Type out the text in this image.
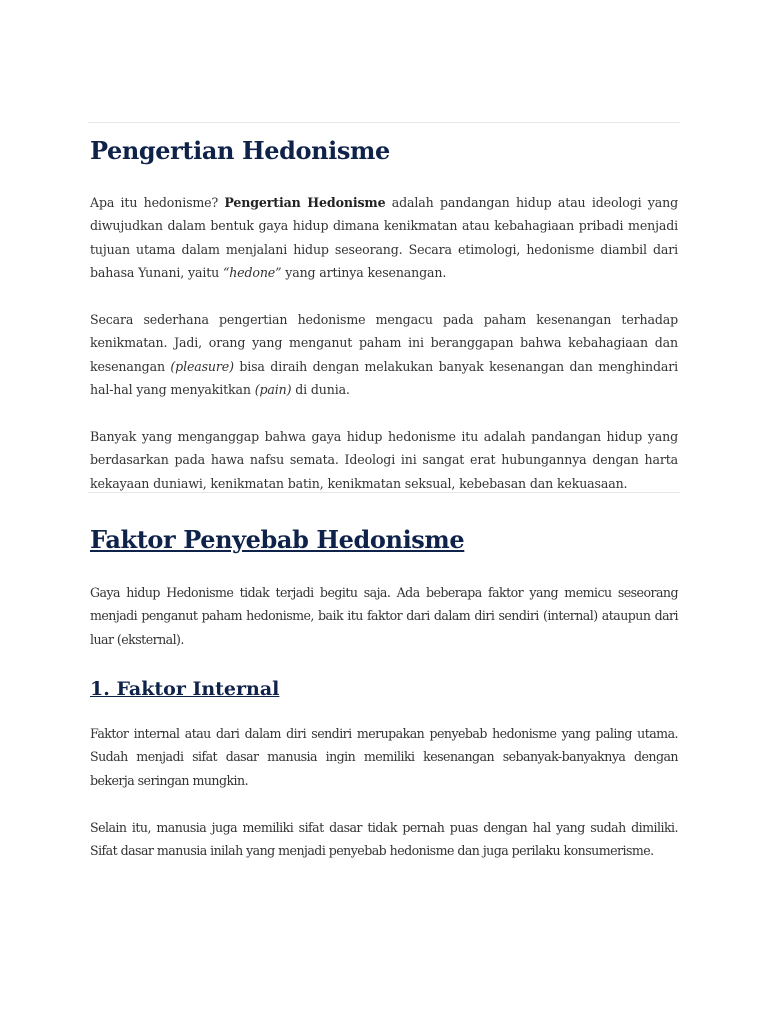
Pengertian Hedonisme

Apa itu hedonisme? Pengertian Hedonisme adalah pandangan hidup atau ideologi yang diwujudkan dalam bentuk gaya hidup dimana kenikmatan atau kebahagiaan pribadi menjadi tujuan utama dalam menjalani hidup seseorang. Secara etimologi, hedonisme diambil dari bahasa Yunani, yaitu “hedone” yang artinya kesenangan.

Secara sederhana pengertian hedonisme mengacu pada paham kesenangan terhadap kenikmatan. Jadi, orang yang menganut paham ini beranggapan bahwa kebahagiaan dan kesenangan (pleasure) bisa diraih dengan melakukan banyak kesenangan dan menghindari hal-hal yang menyakitkan (pain) di dunia.

Banyak yang menganggap bahwa gaya hidup hedonisme itu adalah pandangan hidup yang berdasarkan pada hawa nafsu semata. Ideologi ini sangat erat hubungannya dengan harta kekayaan duniawi, kenikmatan batin, kenikmatan seksual, kebebasan dan kekuasaan.

Faktor Penyebab Hedonisme

Gaya hidup Hedonisme tidak terjadi begitu saja. Ada beberapa faktor yang memicu seseorang menjadi penganut paham hedonisme, baik itu faktor dari dalam diri sendiri (internal) ataupun dari luar (eksternal).

1. Faktor Internal

Faktor internal atau dari dalam diri sendiri merupakan penyebab hedonisme yang paling utama. Sudah menjadi sifat dasar manusia ingin memiliki kesenangan sebanyak-banyaknya dengan bekerja seringan mungkin.

Selain itu, manusia juga memiliki sifat dasar tidak pernah puas dengan hal yang sudah dimiliki. Sifat dasar manusia inilah yang menjadi penyebab hedonisme dan juga perilaku konsumerisme.
